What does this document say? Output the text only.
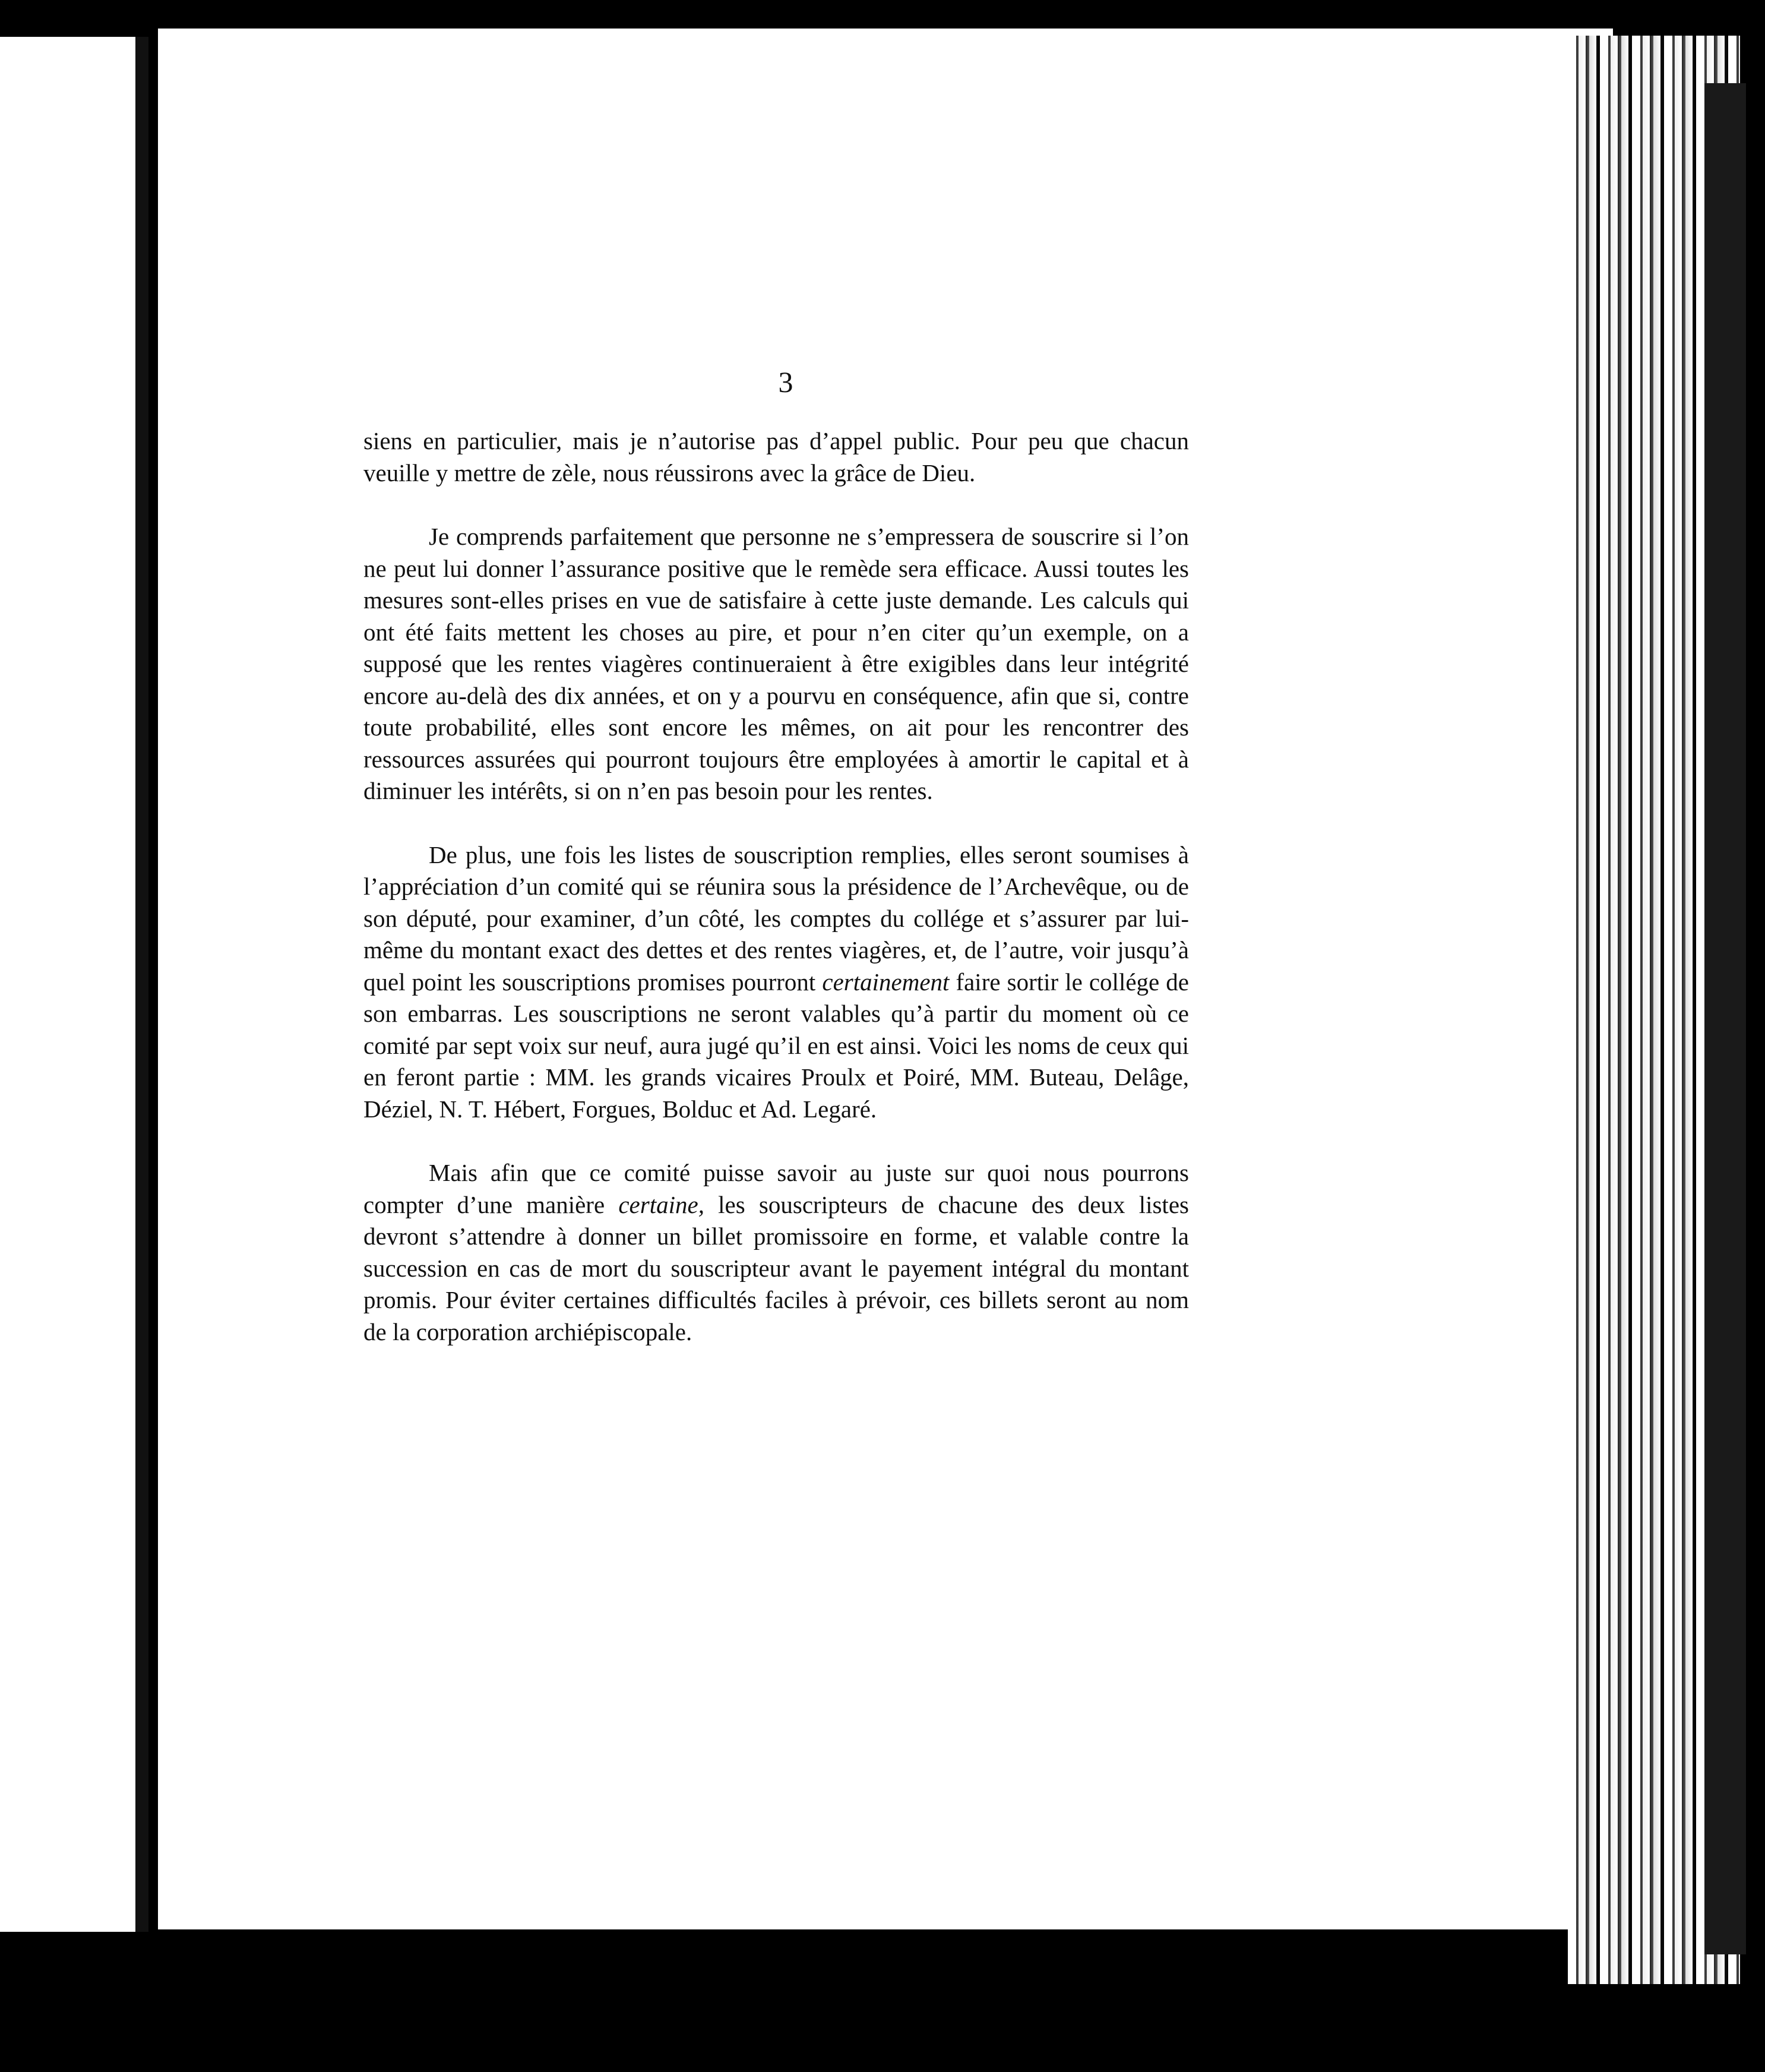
3

siens en particulier, mais je n’autorise pas d’appel public. Pour peu que chacun veuille y mettre de zèle, nous réussirons avec la grâce de Dieu.

Je comprends parfaitement que personne ne s’empressera de souscrire si l’on ne peut lui donner l’assurance positive que le remède sera efficace. Aussi toutes les mesures sont-elles prises en vue de satisfaire à cette juste demande. Les calculs qui ont été faits mettent les choses au pire, et pour n’en citer qu’un exemple, on a supposé que les rentes viagères continueraient à être exigibles dans leur intégrité encore au-delà des dix années, et on y a pourvu en conséquence, afin que si, contre toute probabilité, elles sont encore les mêmes, on ait pour les rencontrer des ressources assurées qui pourront toujours être employées à amortir le capital et à diminuer les intérêts, si on n’en pas besoin pour les rentes.

De plus, une fois les listes de souscription remplies, elles seront soumises à l’appréciation d’un comité qui se réunira sous la présidence de l’Archevêque, ou de son député, pour examiner, d’un côté, les comptes du collége et s’assurer par lui-même du montant exact des dettes et des rentes viagères, et, de l’autre, voir jusqu’à quel point les souscriptions promises pourront certainement faire sortir le collége de son embarras. Les souscriptions ne seront valables qu’à partir du moment où ce comité par sept voix sur neuf, aura jugé qu’il en est ainsi. Voici les noms de ceux qui en feront partie : MM. les grands vicaires Proulx et Poiré, MM. Buteau, Delâge, Déziel, N. T. Hébert, Forgues, Bolduc et Ad. Legaré.

Mais afin que ce comité puisse savoir au juste sur quoi nous pourrons compter d’une manière certaine, les souscripteurs de chacune des deux listes devront s’attendre à donner un billet promissoire en forme, et valable contre la succession en cas de mort du souscripteur avant le payement intégral du montant promis. Pour éviter certaines difficultés faciles à prévoir, ces billets seront au nom de la corporation archiépiscopale.
